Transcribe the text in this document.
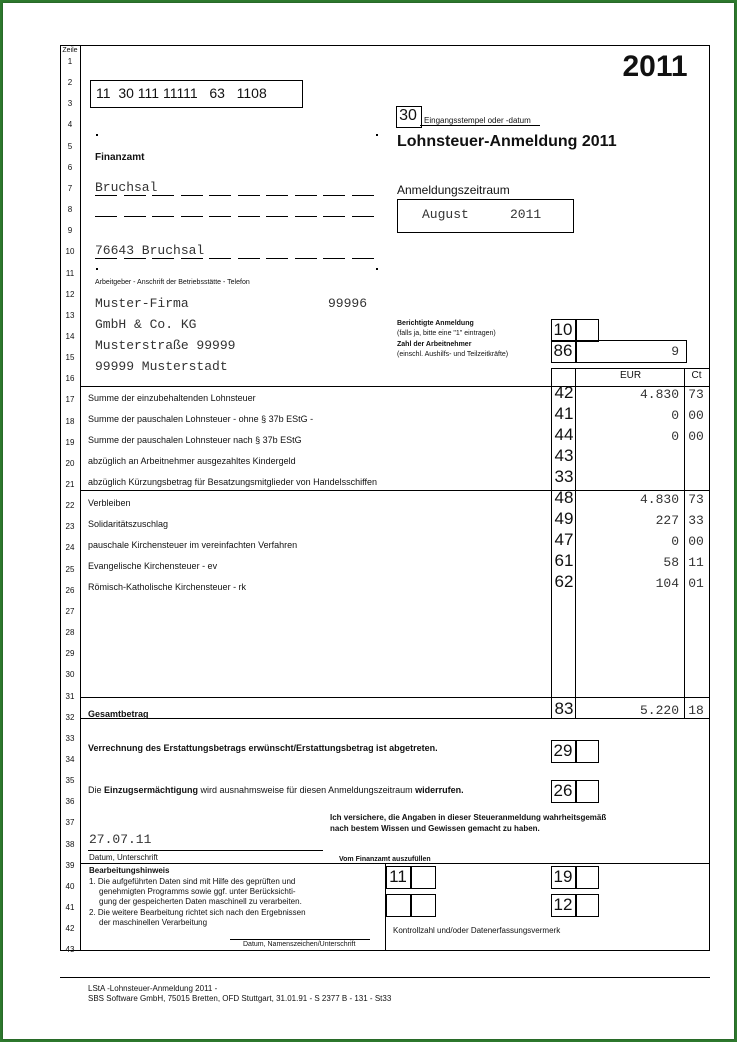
Zeile
1
2
3
4
5
6
7
8
9
10
11
12
13
14
15
16
17
18
19
20
21
22
23
24
25
26
27
28
29
30
31
32
33
34
35
36
37
38
39
40
41
42
43
2011
11  30 111 11111   63   1108
30 Eingangsstempel oder -datum
Lohnsteuer-Anmeldung 2011
Anmeldungszeitraum
August	2011
Finanzamt
Bruchsal
76643 Bruchsal
Arbeitgeber - Anschrift der Betriebsstätte - Telefon
Muster-Firma	99996
GmbH & Co. KG
Musterstraße 99999
99999 Musterstadt
Berichtigte Anmeldung
(falls ja, bitte eine "1" eintragen)	10
Zahl der Arbeitnehmer
(einschl. Aushilfs- und Teilzeitkräfte)	86	9
EUR	Ct
Summe der einzubehaltenden Lohnsteuer	42	4.830 73
Summe der pauschalen Lohnsteuer - ohne § 37b EStG -	41	0 00
Summe der pauschalen Lohnsteuer nach § 37b EStG	44	0 00
abzüglich an Arbeitnehmer ausgezahltes Kindergeld	43
abzüglich Kürzungsbetrag für Besatzungsmitglieder von Handelsschiffen	33
Verbleiben	48	4.830 73
Solidaritätszuschlag	49	227 33
pauschale Kirchensteuer im vereinfachten Verfahren	47	0 00
Evangelische Kirchensteuer - ev	61	58 11
Römisch-Katholische Kirchensteuer - rk	62	104 01
Gesamtbetrag	83	5.220 18
Verrechnung des Erstattungsbetrags erwünscht/Erstattungsbetrag ist abgetreten.	29
Die Einzugsermächtigung wird ausnahmsweise für diesen Anmeldungszeitraum widerrufen.	26
Ich versichere, die Angaben in dieser Steueranmeldung wahrheitsgemäß
nach bestem Wissen und Gewissen gemacht zu haben.
27.07.11
Datum, Unterschrift	Vom Finanzamt auszufüllen
Bearbeitungshinweis
1. Die aufgeführten Daten sind mit Hilfe des geprüften und
genehmigten Programms sowie ggf. unter Berücksichti-
gung der gespeicherten Daten maschinell zu verarbeiten.
2. Die weitere Bearbeitung richtet sich nach den Ergebnissen
der maschinellen Verarbeitung
Datum, Namenszeichen/Unterschrift
11	19
12
Kontrollzahl und/oder Datenerfassungsvermerk
LStA -Lohnsteuer-Anmeldung 2011 -
SBS Software GmbH, 75015 Bretten, OFD Stuttgart, 31.01.91 - S 2377 B - 131 - St33
